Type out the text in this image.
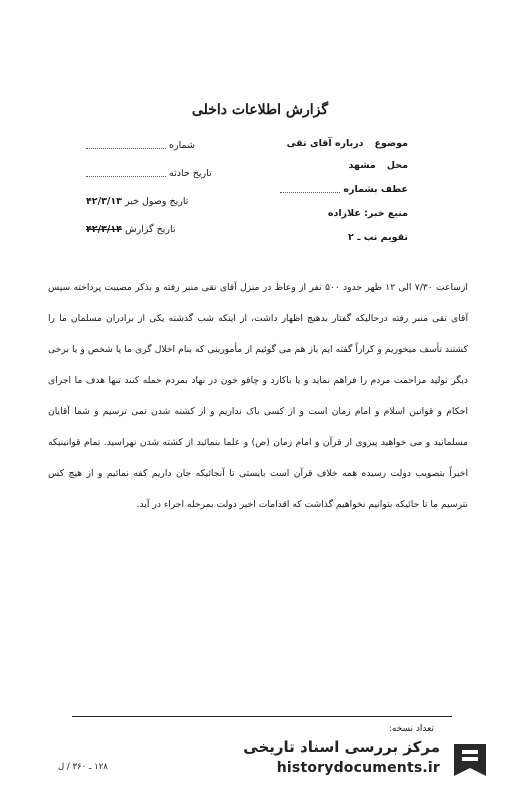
گزارش اطلاعات داخلی
موضوع درباره آقای تقی
محل مشهد
عطف بشماره
منبع خبر: علازاده
تقویم نب ـ ۲
شماره
تاریخ حادثه
تاریخ وصول خبر ۴۲/۳/۱۳
تاریخ گزارش ۴۲/۳/۱۴
ازساعت ۷/۳۰ الی ۱۲ ظهر حدود ۵۰۰ نفر از وعاظ در منزل آقای تقی منبر رفته و بذکر مصیبت پرداخته سپس آقای تقی منبر رفته درحالیکه گفتار بدهیچ اظهار داشت، از اینکه شب گذشته یکی از برادران مسلمان ما را کشتند تأسف میخوریم و کراراً گفته ایم باز هم می گوئیم از مأمورینی که بنام اخلال گری ما یا شخص و یا برخی دیگر تولید مزاحمت مردم را فراهم نماید و یا باکارد و چاقو خون در نهاد بمردم حمله کنند تنها هدف ما اجرای احکام و قوانین اسلام و امام زمان است و از کسی باک نداریم و از کشته شدن نمی ترسیم و شما آقایان مسلمانید و می خواهید پیروی از قرآن و امام زمان (ص) و علما بنمائید از کشته شدن نهراسید. تمام قوانینیکه اخیراً بتصویب دولت رسیده همه خلاف قرآن است بایستی تا آنجائیکه جان داریم کفه نمائیم و از هیچ کس نترسیم ما تا جائیکه بتوانیم نخواهیم گذاشت که اقدامات اخیر دولت بمرحله اجراء در آید.
تعداد نسخه:
۱۲۸ ـ ۳۶۰ / ل
مرکز بررسی اسناد تاریخی
historydocuments.ir
